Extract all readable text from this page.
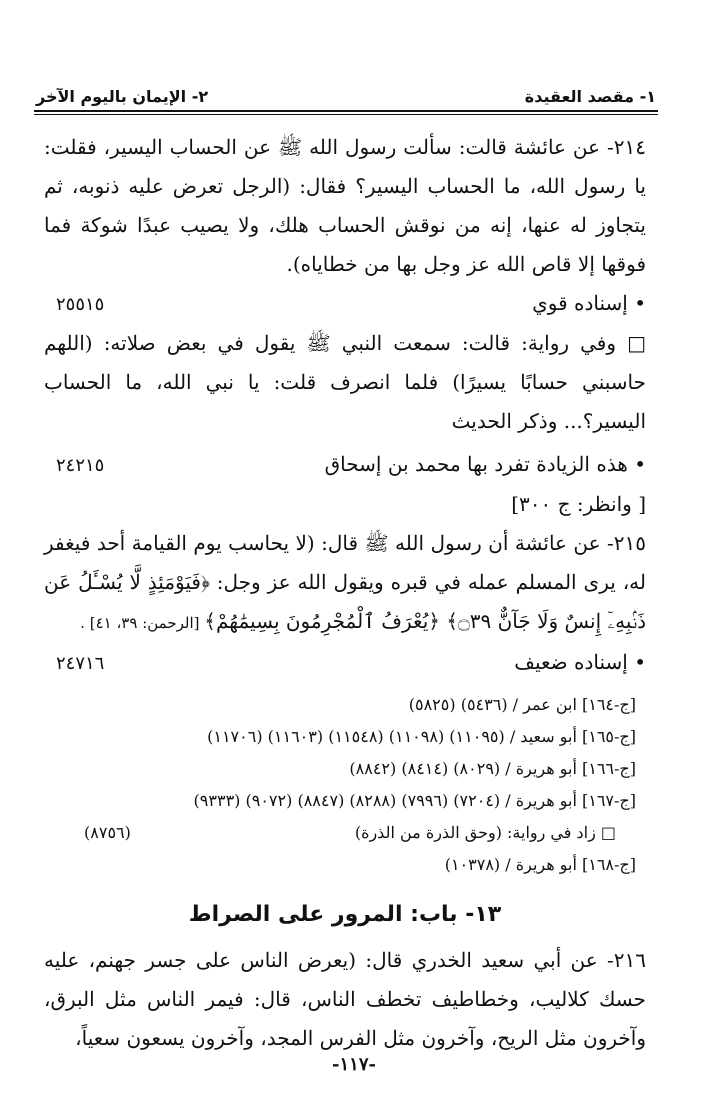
١- مقصد العقيدة
٢- الإيمان باليوم الآخر

٢١٤- عن عائشة قالت: سألت رسول الله ﷺ عن الحساب اليسير، فقلت: يا رسول الله، ما الحساب اليسير؟ فقال: (الرجل تعرض عليه ذنوبه، ثم يتجاوز له عنها، إنه من نوقش الحساب هلك، ولا يصيب عبدًا شوكة فما فوقها إلا قاص الله عز وجل بها من خطاياه).

• إسناده قوي
٢٥٥١٥

□ وفي رواية: قالت: سمعت النبي ﷺ يقول في بعض صلاته: (اللهم حاسبني حسابًا يسيرًا) فلما انصرف قلت: يا نبي الله، ما الحساب اليسير؟... وذكر الحديث

• هذه الزيادة تفرد بها محمد بن إسحاق
٢٤٢١٥

[ وانظر: ج ٣٠٠]

٢١٥- عن عائشة أن رسول الله ﷺ قال: (لا يحاسب يوم القيامة أحد فيغفر له، يرى المسلم عمله في قبره ويقول الله عز وجل: ﴿فَيَوْمَئِذٍ لَّا يُسْـَٔلُ عَن ذَنۢبِهِۦٓ إِنسٌ وَلَا جَآنٌّ ۝٣٩﴾ ﴿يُعْرَفُ ٱلْمُجْرِمُونَ بِسِيمَٰهُمْ﴾ [الرحمن: ٣٩، ٤١] .

• إسناده ضعيف
٢٤٧١٦

[ج-١٦٤] ابن عمر / (٥٤٣٦) (٥٨٢٥)

[ج-١٦٥] أبو سعيد / (١١٠٩٥) (١١٠٩٨) (١١٥٤٨) (١١٦٠٣) (١١٧٠٦)

[ج-١٦٦] أبو هريرة / (٨٠٢٩) (٨٤١٤) (٨٨٤٢)

[ج-١٦٧] أبو هريرة / (٧٢٠٤) (٧٩٩٦) (٨٢٨٨) (٨٨٤٧) (٩٠٧٢) (٩٣٣٣)

□ زاد في رواية: (وحق الذرة من الذرة)
(٨٧٥٦)

[ج-١٦٨] أبو هريرة / (١٠٣٧٨)

١٣- باب: المرور على الصراط

٢١٦- عن أبي سعيد الخدري قال: (يعرض الناس على جسر جهنم، عليه حسك كلاليب، وخطاطيف تخطف الناس، قال: فيمر الناس مثل البرق، وآخرون مثل الريح، وآخرون مثل الفرس المجد، وآخرون يسعون سعياً،

-١١٧-
